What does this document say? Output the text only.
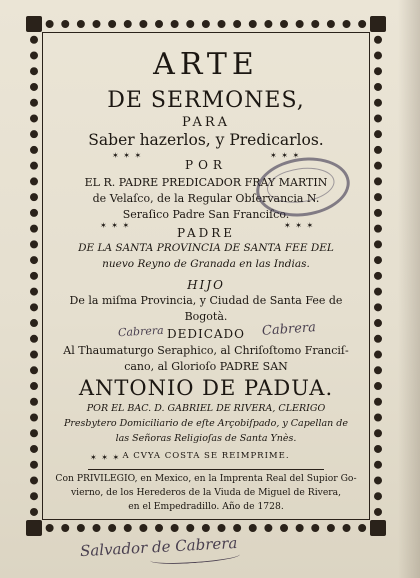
ARTE
DE SERMONES,
PARA
Saber hazerlos, y Predicarlos.
✶ ✶ ✶
POR
✶ ✶ ✶
EL R. PADRE PREDICADOR FRAY MARTIN
de Velaſco, de la Regular Obſervancia N.
Seraſico Padre San Franciſco.
✶ ✶ ✶
PADRE
✶ ✶ ✶
DE LA SANTA PROVINCIA DE SANTA FEE DEL
nuevo Reyno de Granada en las Indias.
HIJO
De la miſma Provincia, y Ciudad de Santa Fee de
Bogotà.
DEDICADO
Al Thaumaturgo Seraphico, al Chriſoſtomo Franciſ-
cano, al Glorioſo PADRE SAN
ANTONIO DE PADUA.
POR EL BAC. D. GABRIEL DE RIVERA, CLERIGO
Presbytero Domiciliario de eſte Arçobiſpado, y Capellan de
las Señoras Religioſas de Santa Ynès.
✶ ✶ ✶ A CVYA COSTA SE REIMPRIME.
Con PRIVILEGIO, en Mexico, en la Imprenta Real del Supior Go-
vierno, de los Herederos de la Viuda de Miguel de Rivera,
en el Empedradillo. Año de 1728.
Cabrera	Cabrera
Salvador de Cabrera
